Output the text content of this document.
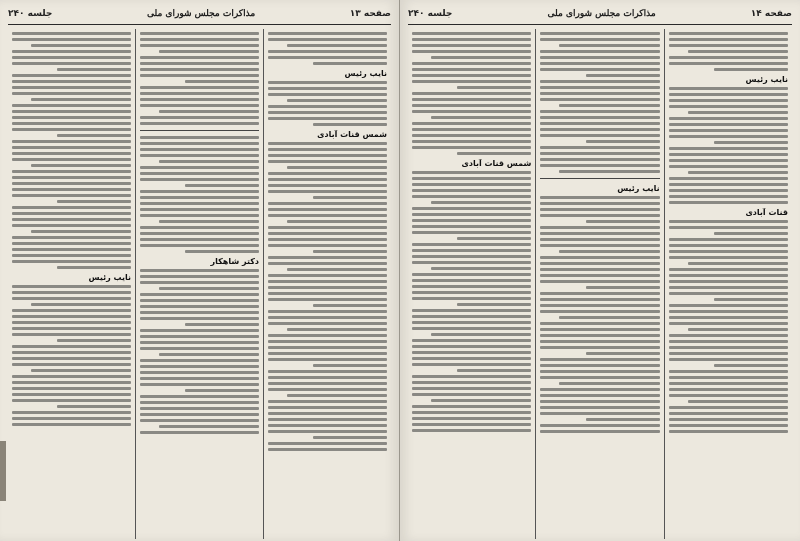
صفحه ۱۳
مذاکرات مجلس شورای ملی
جلسه ۲۴۰
نایب رئیس
شمس قنات آبادی
دکتر شاهکار
نایب رئیس
صفحه ۱۴
مذاکرات مجلس شورای ملی
جلسه ۲۴۰
نایب رئیس
قنات آبادی
نایب رئیس
شمس قنات آبادی
